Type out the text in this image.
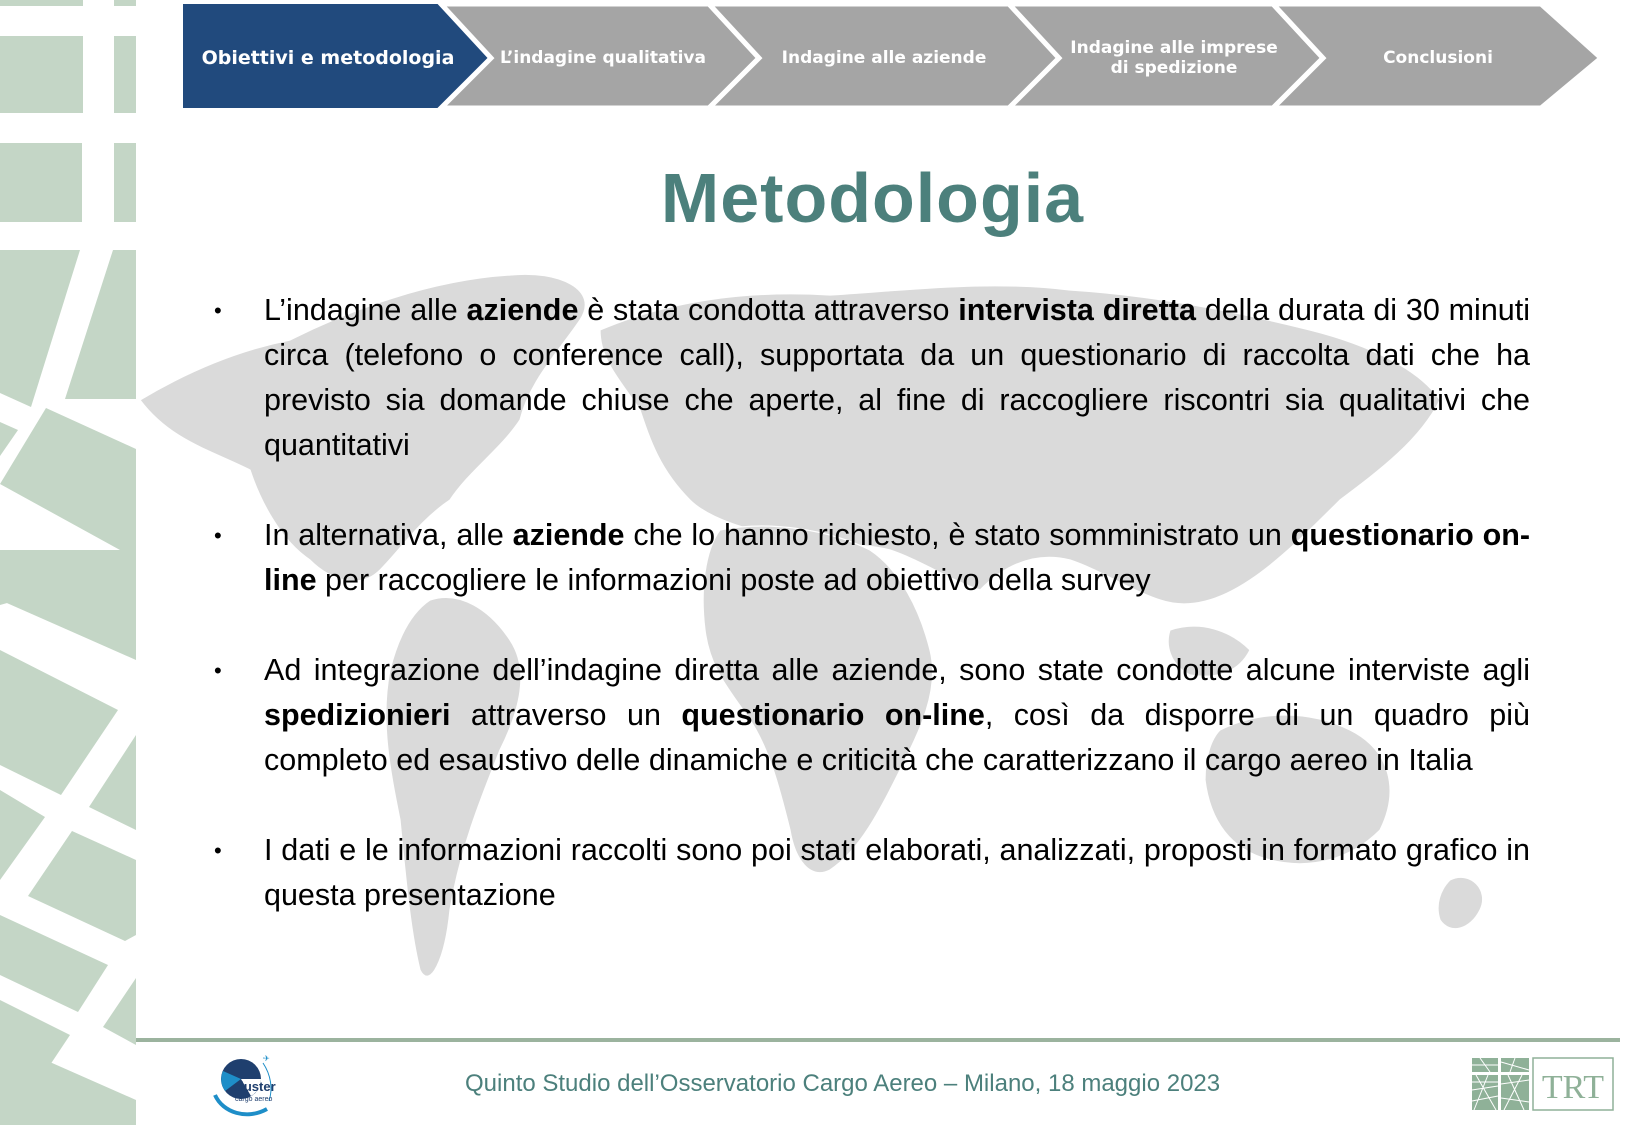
Obiettivi e metodologia	L’indagine qualitativa	Indagine alle aziende
Indagine alle imprese di spedizione
Conclusioni
Metodologia
•	L’indagine alle aziende è stata condotta attraverso intervista diretta della durata di 30 minuti circa (telefono o conference call), supportata da un questionario di raccolta dati che ha previsto sia domande chiuse che aperte, al fine di raccogliere riscontri sia qualitativi che quantitativi
•	In alternativa, alle aziende che lo hanno richiesto, è stato somministrato un questionario on-line per raccogliere le informazioni poste ad obiettivo della survey
•	Ad integrazione dell’indagine diretta alle aziende, sono state condotte alcune interviste agli spedizionieri attraverso un questionario on-line, così da disporre di un quadro più completo ed esaustivo delle dinamiche e criticità che caratterizzano il cargo aereo in Italia
•	I dati e le informazioni raccolti sono poi stati elaborati, analizzati, proposti in formato grafico in questa presentazione
cluster
cargo aereo
✈
Quinto Studio dell’Osservatorio Cargo Aereo – Milano, 18 maggio 2023	TRT
